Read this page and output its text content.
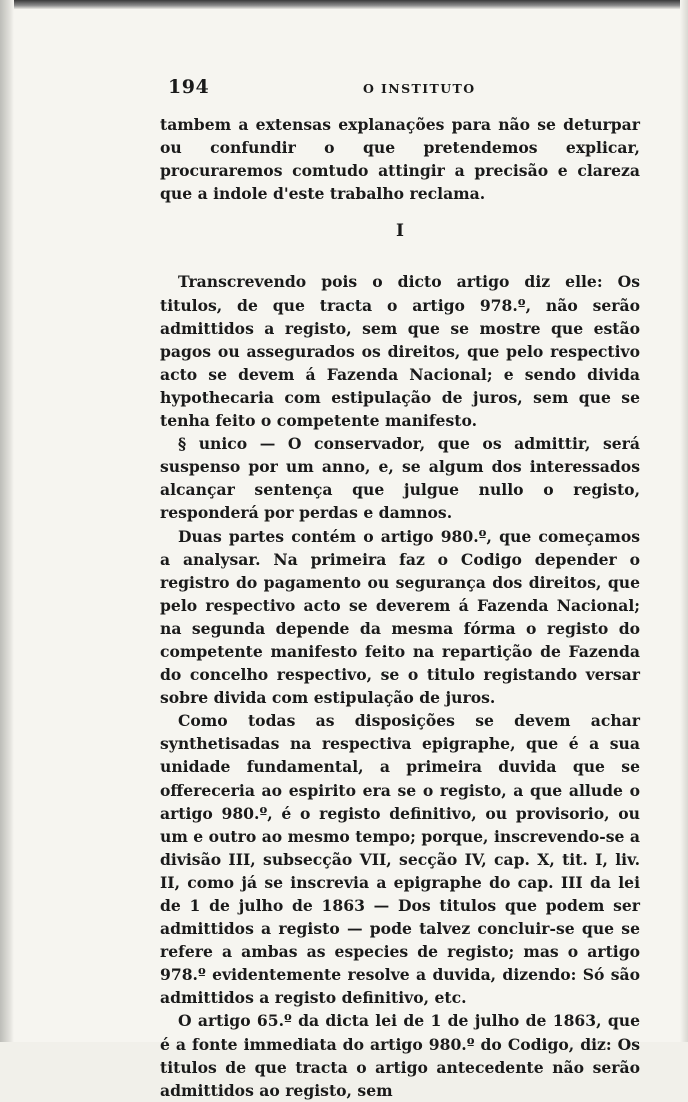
194	O INSTITUTO

tambem a extensas explanações para não se deturpar ou confundir o que pretendemos explicar, procuraremos comtudo attingir a precisão e clareza que a indole d'este trabalho reclama.

I

Transcrevendo pois o dicto artigo diz elle: Os titulos, de que tracta o artigo 978.º, não serão admittidos a registo, sem que se mostre que estão pagos ou assegurados os direitos, que pelo respectivo acto se devem á Fazenda Nacional; e sendo divida hypothecaria com estipulação de juros, sem que se tenha feito o competente manifesto.

§ unico — O conservador, que os admittir, será suspenso por um anno, e, se algum dos interessados alcançar sentença que julgue nullo o registo, responderá por perdas e damnos.

Duas partes contém o artigo 980.º, que começamos a analysar. Na primeira faz o Codigo depender o registro do pagamento ou segurança dos direitos, que pelo respectivo acto se deverem á Fazenda Nacional; na segunda depende da mesma fórma o registo do competente manifesto feito na repartição de Fazenda do concelho respectivo, se o titulo registando versar sobre divida com estipulação de juros.

Como todas as disposições se devem achar synthetisadas na respectiva epigraphe, que é a sua unidade fundamental, a primeira duvida que se offereceria ao espirito era se o registo, a que allude o artigo 980.º, é o registo definitivo, ou provisorio, ou um e outro ao mesmo tempo; porque, inscrevendo-se a divisão III, subsecção VII, secção IV, cap. X, tit. I, liv. II, como já se inscrevia a epigraphe do cap. III da lei de 1 de julho de 1863 — Dos titulos que podem ser admittidos a registo — pode talvez concluir-se que se refere a ambas as especies de registo; mas o artigo 978.º evidentemente resolve a duvida, dizendo: Só são admittidos a registo definitivo, etc.

O artigo 65.º da dicta lei de 1 de julho de 1863, que é a fonte immediata do artigo 980.º do Codigo, diz: Os titulos de que tracta o artigo antecedente não serão admittidos ao registo, sem
